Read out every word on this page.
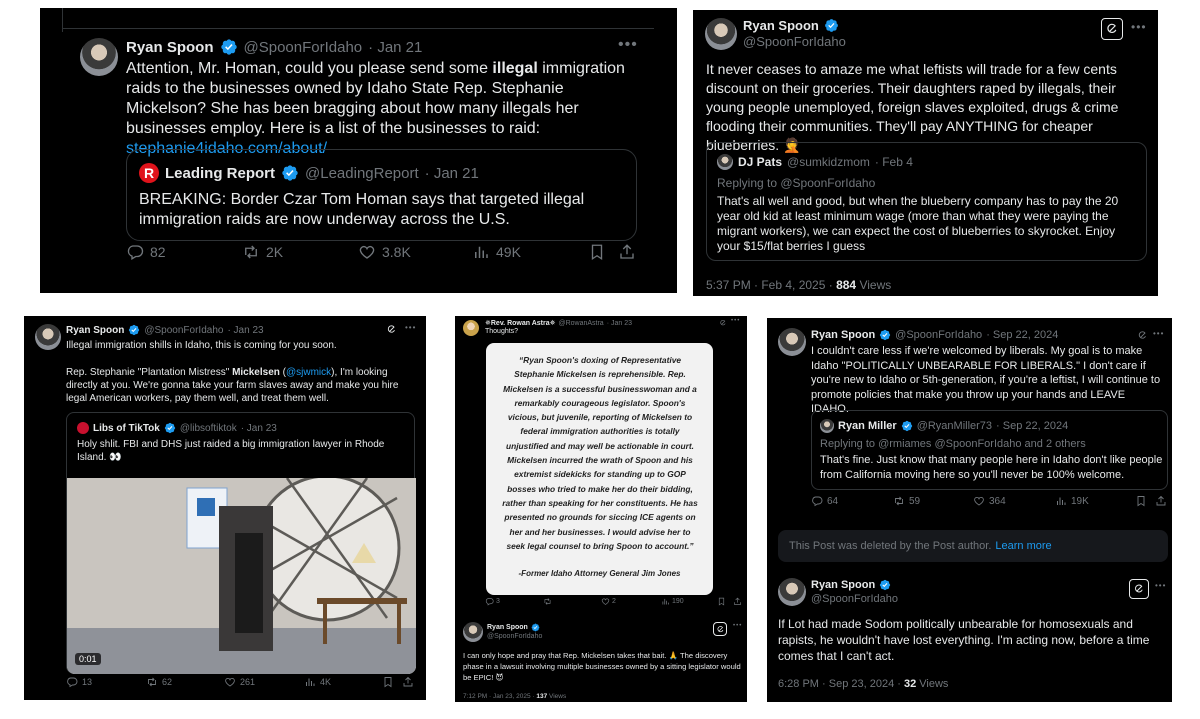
Ryan Spoon @SpoonForIdaho · Jan 21	•••
Attention, Mr. Homan, could you please send some illegal immigration raids to the businesses owned by Idaho State Rep. Stephanie Mickelson? She has been bragging about how many illegals her businesses employ. Here is a list of the businesses to raid: stephanie4idaho.com/about/
R Leading Report @LeadingReport · Jan 21
BREAKING: Border Czar Tom Homan says that targeted illegal immigration raids are now underway across the U.S.
82	2K	3.8K	49K
Ryan Spoon
@SpoonForIdaho
•••
It never ceases to amaze me what leftists will trade for a few cents discount on their groceries. Their daughters raped by illegals, their young people unemployed, foreign slaves exploited, drugs & crime flooding their communities. They'll pay ANYTHING for cheaper blueberries. 🤦
DJ Pats @sumkidzmom · Feb 4
Replying to @SpoonForIdaho
That's all well and good, but when the blueberry company has to pay the 20 year old kid at least minimum wage (more than what they were paying the migrant workers), we can expect the cost of blueberries to skyrocket. Enjoy your $15/flat berries I guess
5:37 PM · Feb 4, 2025 · 884 Views
Ryan Spoon @SpoonForIdaho · Jan 23	•••
Illegal immigration shills in Idaho, this is coming for you soon.
Rep. Stephanie "Plantation Mistress" Mickelsen (@sjwmick), I'm looking directly at you. We're gonna take your farm slaves away and make you hire legal American workers, pay them well, and treat them well.
Libs of TikTok @libsoftiktok · Jan 23
Holy shlit. FBI and DHS just raided a big immigration lawyer in Rhode Island. 👀
0:01
13	62	261	4K
✵Rev. Rowan Astra✵ @RowanAstra · Jan 23	•••
Thoughts?
“Ryan Spoon's doxing of Representative Stephanie Mickelsen is reprehensible. Rep. Mickelsen is a successful businesswoman and a remarkably courageous legislator. Spoon's vicious, but juvenile, reporting of Mickelsen to federal immigration authorities is totally unjustified and may well be actionable in court. Mickelsen incurred the wrath of Spoon and his extremist sidekicks for standing up to GOP bosses who tried to make her do their bidding, rather than speaking for her constituents. He has presented no grounds for siccing ICE agents on her and her businesses. I would advise her to seek legal counsel to bring Spoon to account.”
-Former Idaho Attorney General Jim Jones
3	2	190
Ryan Spoon
@SpoonForIdaho
•••
I can only hope and pray that Rep. Mickelsen takes that bait. 🙏 The discovery phase in a lawsuit involving multiple businesses owned by a sitting legislator would be EPIC! 😈
7:12 PM · Jan 23, 2025 · 137 Views
Ryan Spoon @SpoonForIdaho · Sep 22, 2024	•••
I couldn't care less if we're welcomed by liberals. My goal is to make Idaho "POLITICALLY UNBEARABLE FOR LIBERALS." I don't care if you're new to Idaho or 5th-generation, if you're a leftist, I will continue to promote policies that make you throw up your hands and LEAVE IDAHO.
Ryan Miller @RyanMiller73 · Sep 22, 2024
Replying to @rmiames @SpoonForIdaho and 2 others
That's fine. Just know that many people here in Idaho don't like people from California moving here so you'll never be 100% welcome.
64	59	364	19K
This Post was deleted by the Post author. Learn more
Ryan Spoon
@SpoonForIdaho
•••
If Lot had made Sodom politically unbearable for homosexuals and rapists, he wouldn't have lost everything. I'm acting now, before a time comes that I can't act.
6:28 PM · Sep 23, 2024 · 32 Views
